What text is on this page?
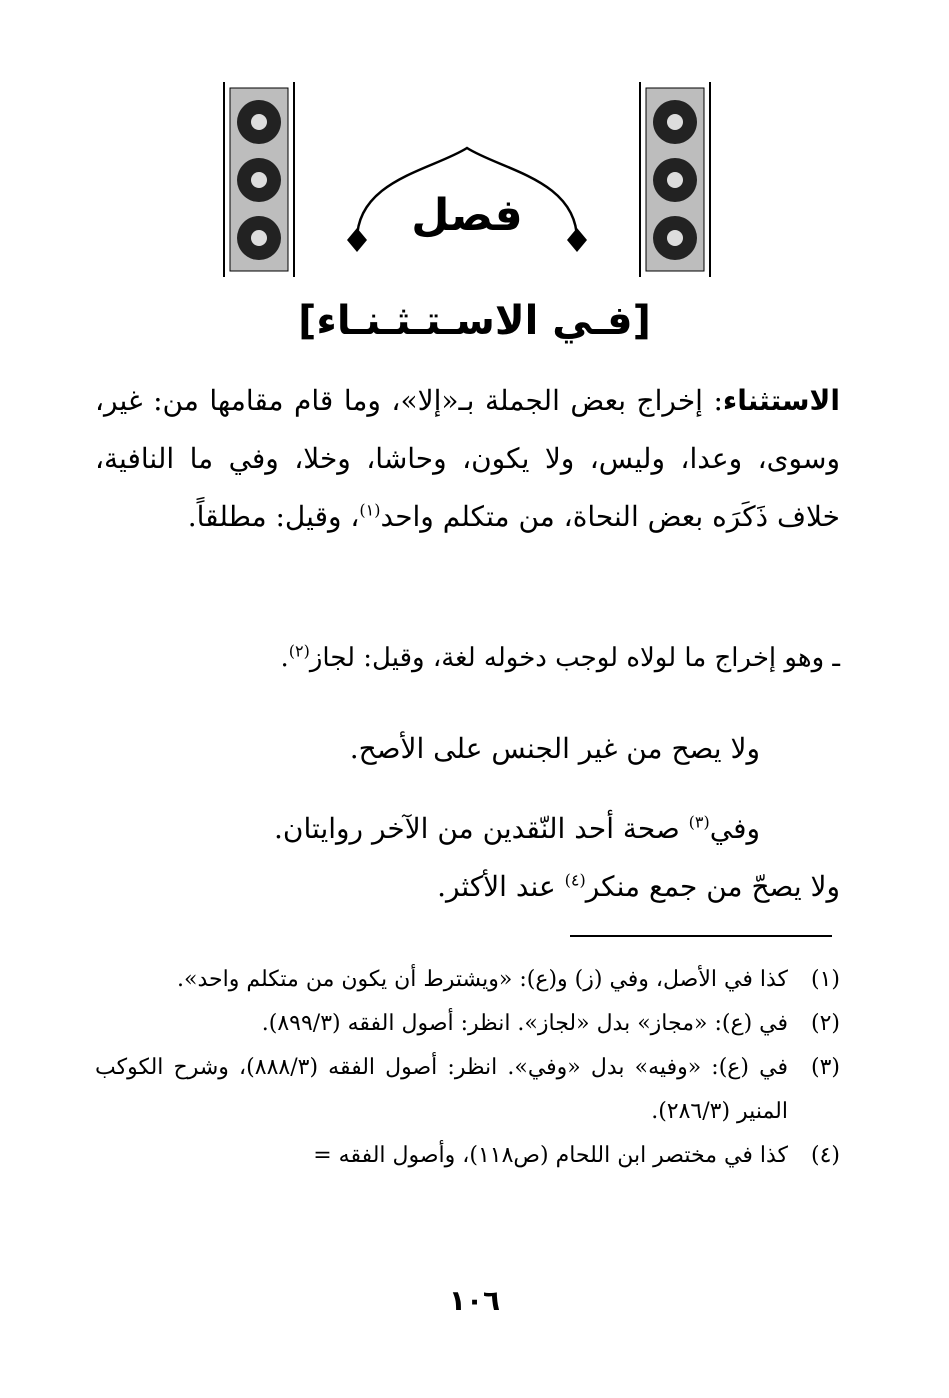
فصل
[فـي الاسـتـثـنـاء]
الاستثناء: إخراج بعض الجملة بـ«إلا»، وما قام مقامها من: غير، وسوى، وعدا، وليس، ولا يكون، وحاشا، وخلا، وفي ما النافية، خلاف ذَكَرَه بعض النحاة، من متكلم واحد$^{(١)}$، وقيل: مطلقاً.
ـ وهو إخراج ما لولاه لوجب دخوله لغة، وقيل: لجاز$^{(٢)}$.
ولا يصح من غير الجنس على الأصح.
وفي$^{(٣)}$ صحة أحد النّقدين من الآخر روايتان.
ولا يصحّ من جمع منكر$^{(٤)}$ عند الأكثر.
(١)
كذا في الأصل، وفي (ز) و(ع): «ويشترط أن يكون من متكلم واحد».
(٢)
في (ع): «مجاز» بدل «لجاز». انظر: أصول الفقه (٨٩٩/٣).
(٣)
في (ع): «وفيه» بدل «وفي». انظر: أصول الفقه (٨٨٨/٣)، وشرح الكوكب المنير (٢٨٦/٣).
(٤)
كذا في مختصر ابن اللحام (ص١١٨)، وأصول الفقه =
١٠٦
